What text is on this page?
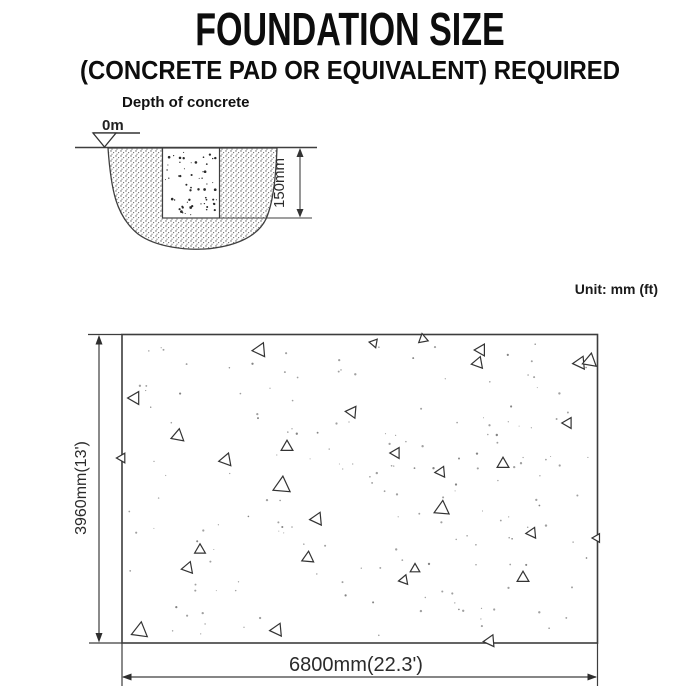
FOUNDATION SIZE
(CONCRETE PAD OR EQUIVALENT) REQUIRED
Depth of concrete
0m
150mm
Unit: mm (ft)
3960mm(13')
6800mm(22.3')
